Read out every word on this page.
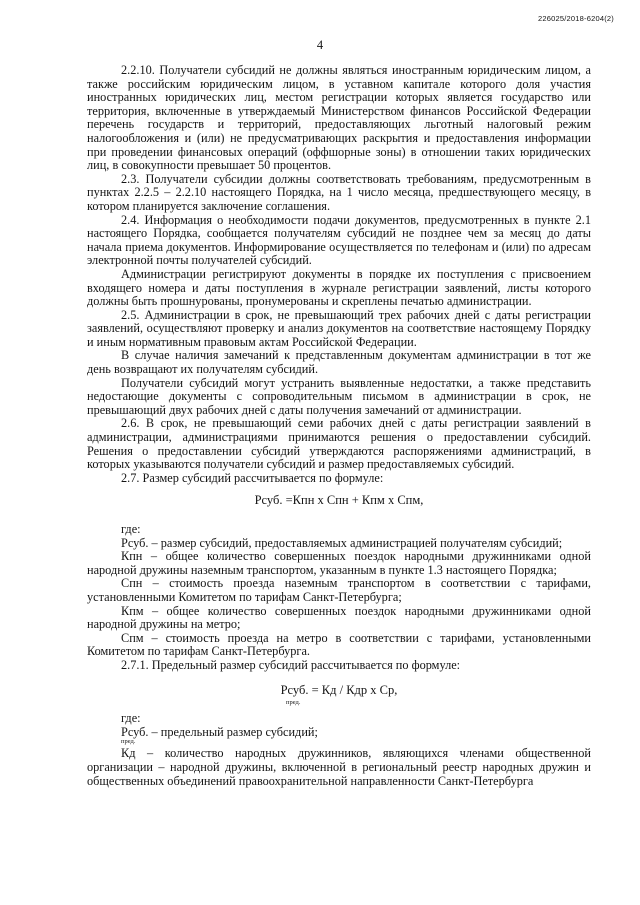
226025/2018-6204(2)
4

2.2.10. Получатели субсидий не должны являться иностранным юридическим лицом, а также российским юридическим лицом, в уставном капитале которого доля участия иностранных юридических лиц, местом регистрации которых является государство или территория, включенные в утверждаемый Министерством финансов Российской Федерации перечень государств и территорий, предоставляющих льготный налоговый режим налогообложения и (или) не предусматривающих раскрытия и предоставления информации при проведении финансовых операций (оффшорные зоны) в отношении таких юридических лиц, в совокупности превышает 50 процентов.

2.3. Получатели субсидии должны соответствовать требованиям, предусмотренным в пунктах 2.2.5 – 2.2.10 настоящего Порядка, на 1 число месяца, предшествующего месяцу, в котором планируется заключение соглашения.

2.4. Информация о необходимости подачи документов, предусмотренных в пункте 2.1 настоящего Порядка, сообщается получателям субсидий не позднее чем за месяц до даты начала приема документов. Информирование осуществляется по телефонам и (или) по адресам электронной почты получателей субсидий.

Администрации регистрируют документы в порядке их поступления с присвоением входящего номера и даты поступления в журнале регистрации заявлений, листы которого должны быть прошнурованы, пронумерованы и скреплены печатью администрации.

2.5. Администрации в срок, не превышающий трех рабочих дней с даты регистрации заявлений, осуществляют проверку и анализ документов на соответствие настоящему Порядку и иным нормативным правовым актам Российской Федерации.

В случае наличия замечаний к представленным документам администрации в тот же день возвращают их получателям субсидий.

Получатели субсидий могут устранить выявленные недостатки, а также представить недостающие документы с сопроводительным письмом в администрации в срок, не превышающий двух рабочих дней с даты получения замечаний от администрации.

2.6. В срок, не превышающий семи рабочих дней с даты регистрации заявлений в администрации, администрациями принимаются решения о предоставлении субсидий. Решения о предоставлении субсидий утверждаются распоряжениями администраций, в которых указываются получатели субсидий и размер предоставляемых субсидий.

2.7. Размер субсидий рассчитывается по формуле:

Рсуб. =Кпн х Спн + Кпм х Спм,

где:

Рсуб. – размер субсидий, предоставляемых администрацией получателям субсидий;

Кпн – общее количество совершенных поездок народными дружинниками одной народной дружины наземным транспортом, указанным в пункте 1.3 настоящего Порядка;

Спн – стоимость проезда наземным транспортом в соответствии с тарифами, установленными Комитетом по тарифам Санкт-Петербурга;

Кпм – общее количество совершенных поездок народными дружинниками одной народной дружины на метро;

Спм – стоимость проезда на метро в соответствии с тарифами, установленными Комитетом по тарифам Санкт-Петербурга.

2.7.1. Предельный размер субсидий рассчитывается по формуле:

Рсуб. = Кд / Кдр х Ср,
пред.

где:

Рсуб. – предельный размер субсидий;

пред.

Кд – количество народных дружинников, являющихся членами общественной организации – народной дружины, включенной в региональный реестр народных дружин и общественных объединений правоохранительной направленности Санкт-Петербурга
